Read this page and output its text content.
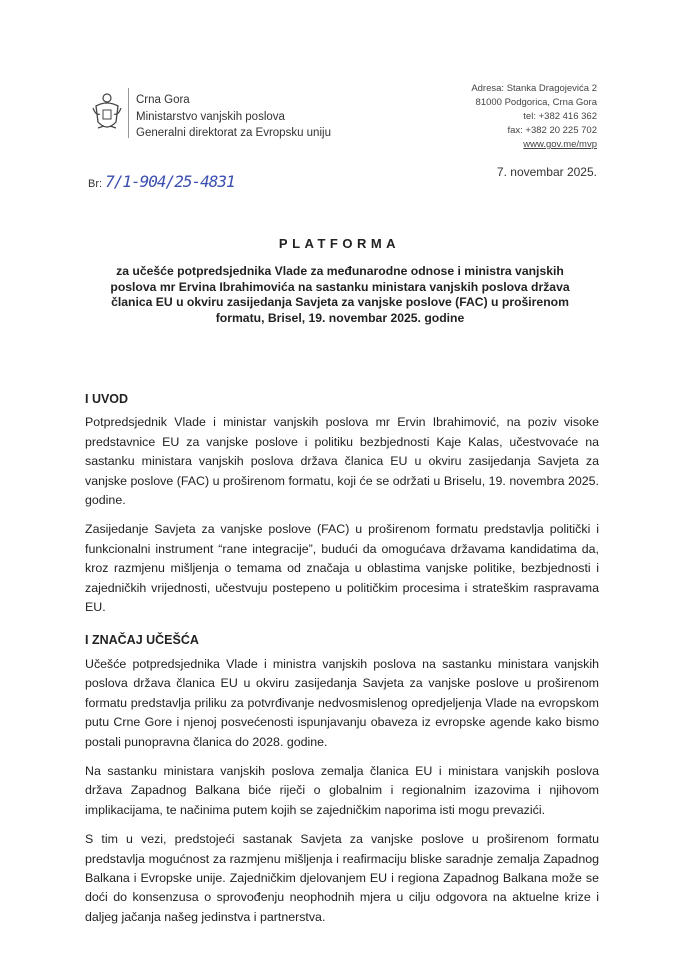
Crna Gora
Ministarstvo vanjskih poslova
Generalni direktorat za Evropsku uniju
Adresa: Stanka Dragojevića 2
81000 Podgorica, Crna Gora
tel: +382 416 362
fax: +382 20 225 702
www.gov.me/mvp
Br: 7/1-904/25-4831	7. novembar 2025.
PLATFORMA
za učešće potpredsjednika Vlade za međunarodne odnose i ministra vanjskih poslova mr Ervina Ibrahimovića na sastanku ministara vanjskih poslova država članica EU u okviru zasijedanja Savjeta za vanjske poslove (FAC) u proširenom formatu, Brisel, 19. novembar 2025. godine
I UVOD

Potpredsjednik Vlade i ministar vanjskih poslova mr Ervin Ibrahimović, na poziv visoke predstavnice EU za vanjske poslove i politiku bezbjednosti Kaje Kalas, učestvovaće na sastanku ministara vanjskih poslova država članica EU u okviru zasijedanja Savjeta za vanjske poslove (FAC) u proširenom formatu, koji će se održati u Briselu, 19. novembra 2025. godine.

Zasijedanje Savjeta za vanjske poslove (FAC) u proširenom formatu predstavlja politički i funkcionalni instrument “rane integracije”, budući da omogućava državama kandidatima da, kroz razmjenu mišljenja o temama od značaja u oblastima vanjske politike, bezbjednosti i zajedničkih vrijednosti, učestvuju postepeno u političkim procesima i strateškim raspravama EU.

I ZNAČAJ UČEŠĆA

Učešće potpredsjednika Vlade i ministra vanjskih poslova na sastanku ministara vanjskih poslova država članica EU u okviru zasijedanja Savjeta za vanjske poslove u proširenom formatu predstavlja priliku za potvrđivanje nedvosmislenog opredjeljenja Vlade na evropskom putu Crne Gore i njenoj posvećenosti ispunjavanju obaveza iz evropske agende kako bismo postali punopravna članica do 2028. godine.

Na sastanku ministara vanjskih poslova zemalja članica EU i ministara vanjskih poslova država Zapadnog Balkana biće riječi o globalnim i regionalnim izazovima i njihovom implikacijama, te načinima putem kojih se zajedničkim naporima isti mogu prevazići.

S tim u vezi, predstojeći sastanak Savjeta za vanjske poslove u proširenom formatu predstavlja mogućnost za razmjenu mišljenja i reafirmaciju bliske saradnje zemalja Zapadnog Balkana i Evropske unije. Zajedničkim djelovanjem EU i regiona Zapadnog Balkana može se doći do konsenzusa o sprovođenju neophodnih mjera u cilju odgovora na aktuelne krize i daljeg jačanja našeg jedinstva i partnerstva.
